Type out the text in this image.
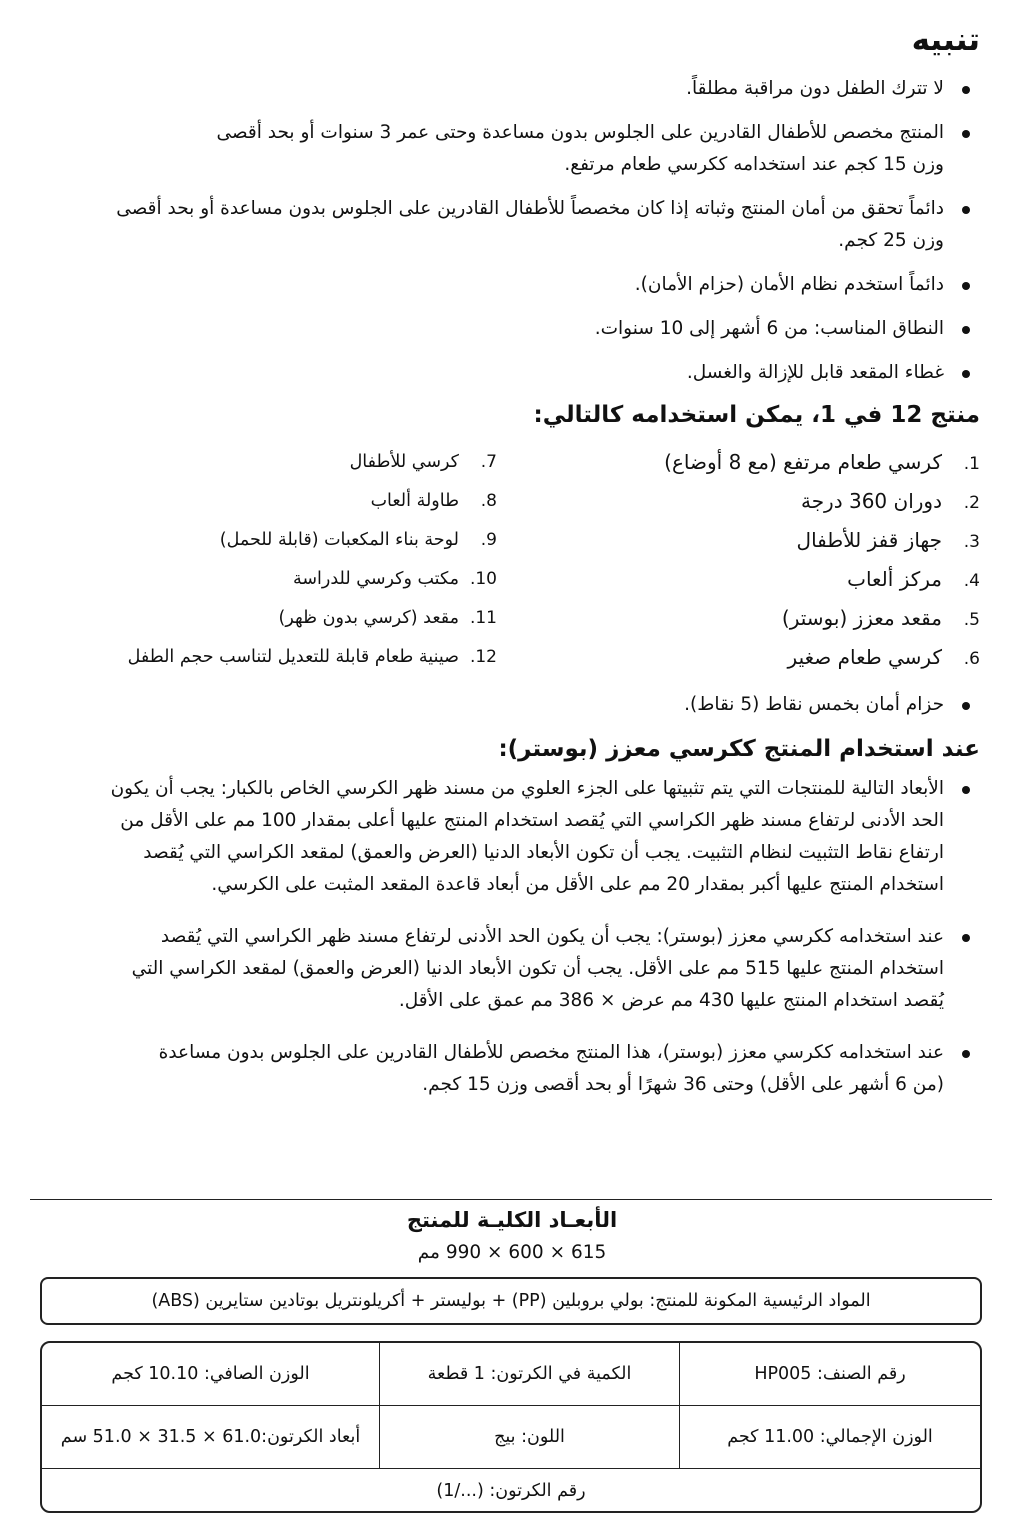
تنبيه
لا تترك الطفل دون مراقبة مطلقاً.
المنتج مخصص للأطفال القادرين على الجلوس بدون مساعدة وحتى عمر 3 سنوات أو بحد أقصى وزن 15 كجم عند استخدامه ككرسي طعام مرتفع.
دائماً تحقق من أمان المنتج وثباته إذا كان مخصصاً للأطفال القادرين على الجلوس بدون مساعدة أو بحد أقصى وزن 25 كجم.
دائماً استخدم نظام الأمان (حزام الأمان).
النطاق المناسب: من 6 أشهر إلى 10 سنوات.
غطاء المقعد قابل للإزالة والغسل.
منتج 12 في 1، يمكن استخدامه كالتالي:
1.
كرسي طعام مرتفع (مع 8 أوضاع)
2.
دوران 360 درجة
3.
جهاز قفز للأطفال
4.
مركز ألعاب
5.
مقعد معزز (بوستر)
6.
كرسي طعام صغير
7.
كرسي للأطفال
8.
طاولة ألعاب
9.
لوحة بناء المكعبات (قابلة للحمل)
10.
مكتب وكرسي للدراسة
11.
مقعد (كرسي بدون ظهر)
12.
صينية طعام قابلة للتعديل لتناسب حجم الطفل
حزام أمان بخمس نقاط (5 نقاط).
عند استخدام المنتج ككرسي معزز (بوستر):
الأبعاد التالية للمنتجات التي يتم تثبيتها على الجزء العلوي من مسند ظهر الكرسي الخاص بالكبار: يجب أن يكون الحد الأدنى لرتفاع مسند ظهر الكراسي التي يُقصد استخدام المنتج عليها أعلى بمقدار 100 مم على الأقل من ارتفاع نقاط التثبيت لنظام التثبيت. يجب أن تكون الأبعاد الدنيا (العرض والعمق) لمقعد الكراسي التي يُقصد استخدام المنتج عليها أكبر بمقدار 20 مم على الأقل من أبعاد قاعدة المقعد المثبت على الكرسي.
عند استخدامه ككرسي معزز (بوستر): يجب أن يكون الحد الأدنى لرتفاع مسند ظهر الكراسي التي يُقصد استخدام المنتج عليها 515 مم على الأقل. يجب أن تكون الأبعاد الدنيا (العرض والعمق) لمقعد الكراسي التي يُقصد استخدام المنتج عليها 430 مم عرض × 386 مم عمق على الأقل.
عند استخدامه ككرسي معزز (بوستر)، هذا المنتج مخصص للأطفال القادرين على الجلوس بدون مساعدة (من 6 أشهر على الأقل) وحتى 36 شهرًا أو بحد أقصى وزن 15 كجم.
الأبعـاد الكليـة للمنتج
615 × 600 × 990 مم
المواد الرئيسية المكونة للمنتج: بولي بروبلين (PP) + بوليستر + أكريلونتريل بوتادين ستايرين (ABS)
رقم الصنف: HP005
الكمية في الكرتون: 1 قطعة
الوزن الصافي: 10.10 كجم
الوزن الإجمالي: 11.00 كجم
اللون: بيج
أبعاد الكرتون:61.0 × 31.5 × 51.0 سم
رقم الكرتون: (.../1)
